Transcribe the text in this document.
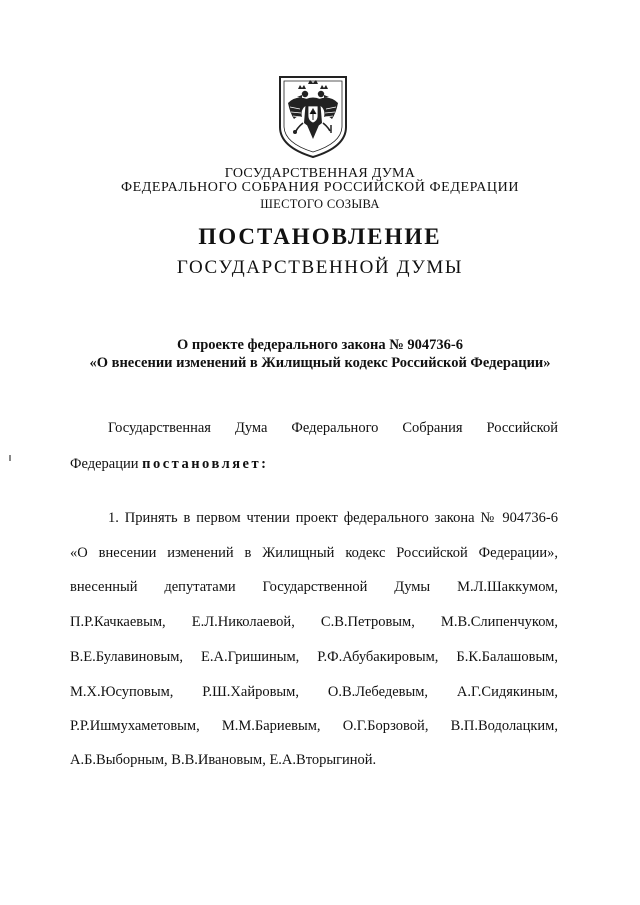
ГОСУДАРСТВЕННАЯ ДУМА
ФЕДЕРАЛЬНОГО СОБРАНИЯ РОССИЙСКОЙ ФЕДЕРАЦИИ
ШЕСТОГО СОЗЫВА
ПОСТАНОВЛЕНИЕ
ГОСУДАРСТВЕННОЙ ДУМЫ
О проекте федерального закона № 904736-6
«О внесении изменений в Жилищный кодекс Российской Федерации»
Государственная Дума Федерального Собрания Российской
Федерации постановляет:
1. Принять в первом чтении проект федерального закона № 904736-6
«О внесении изменений в Жилищный кодекс Российской Федерации»,
внесенный депутатами Государственной Думы М.Л.Шаккумом,
П.Р.Качкаевым, Е.Л.Николаевой, С.В.Петровым, М.В.Слипенчуком,
В.Е.Булавиновым, Е.А.Гришиным, Р.Ф.Абубакировым, Б.К.Балашовым,
М.Х.Юсуповым, Р.Ш.Хайровым, О.В.Лебедевым, А.Г.Сидякиным,
Р.Р.Ишмухаметовым, М.М.Бариевым, О.Г.Борзовой, В.П.Водолацким,
А.Б.Выборным, В.В.Ивановым, Е.А.Вторыгиной.
